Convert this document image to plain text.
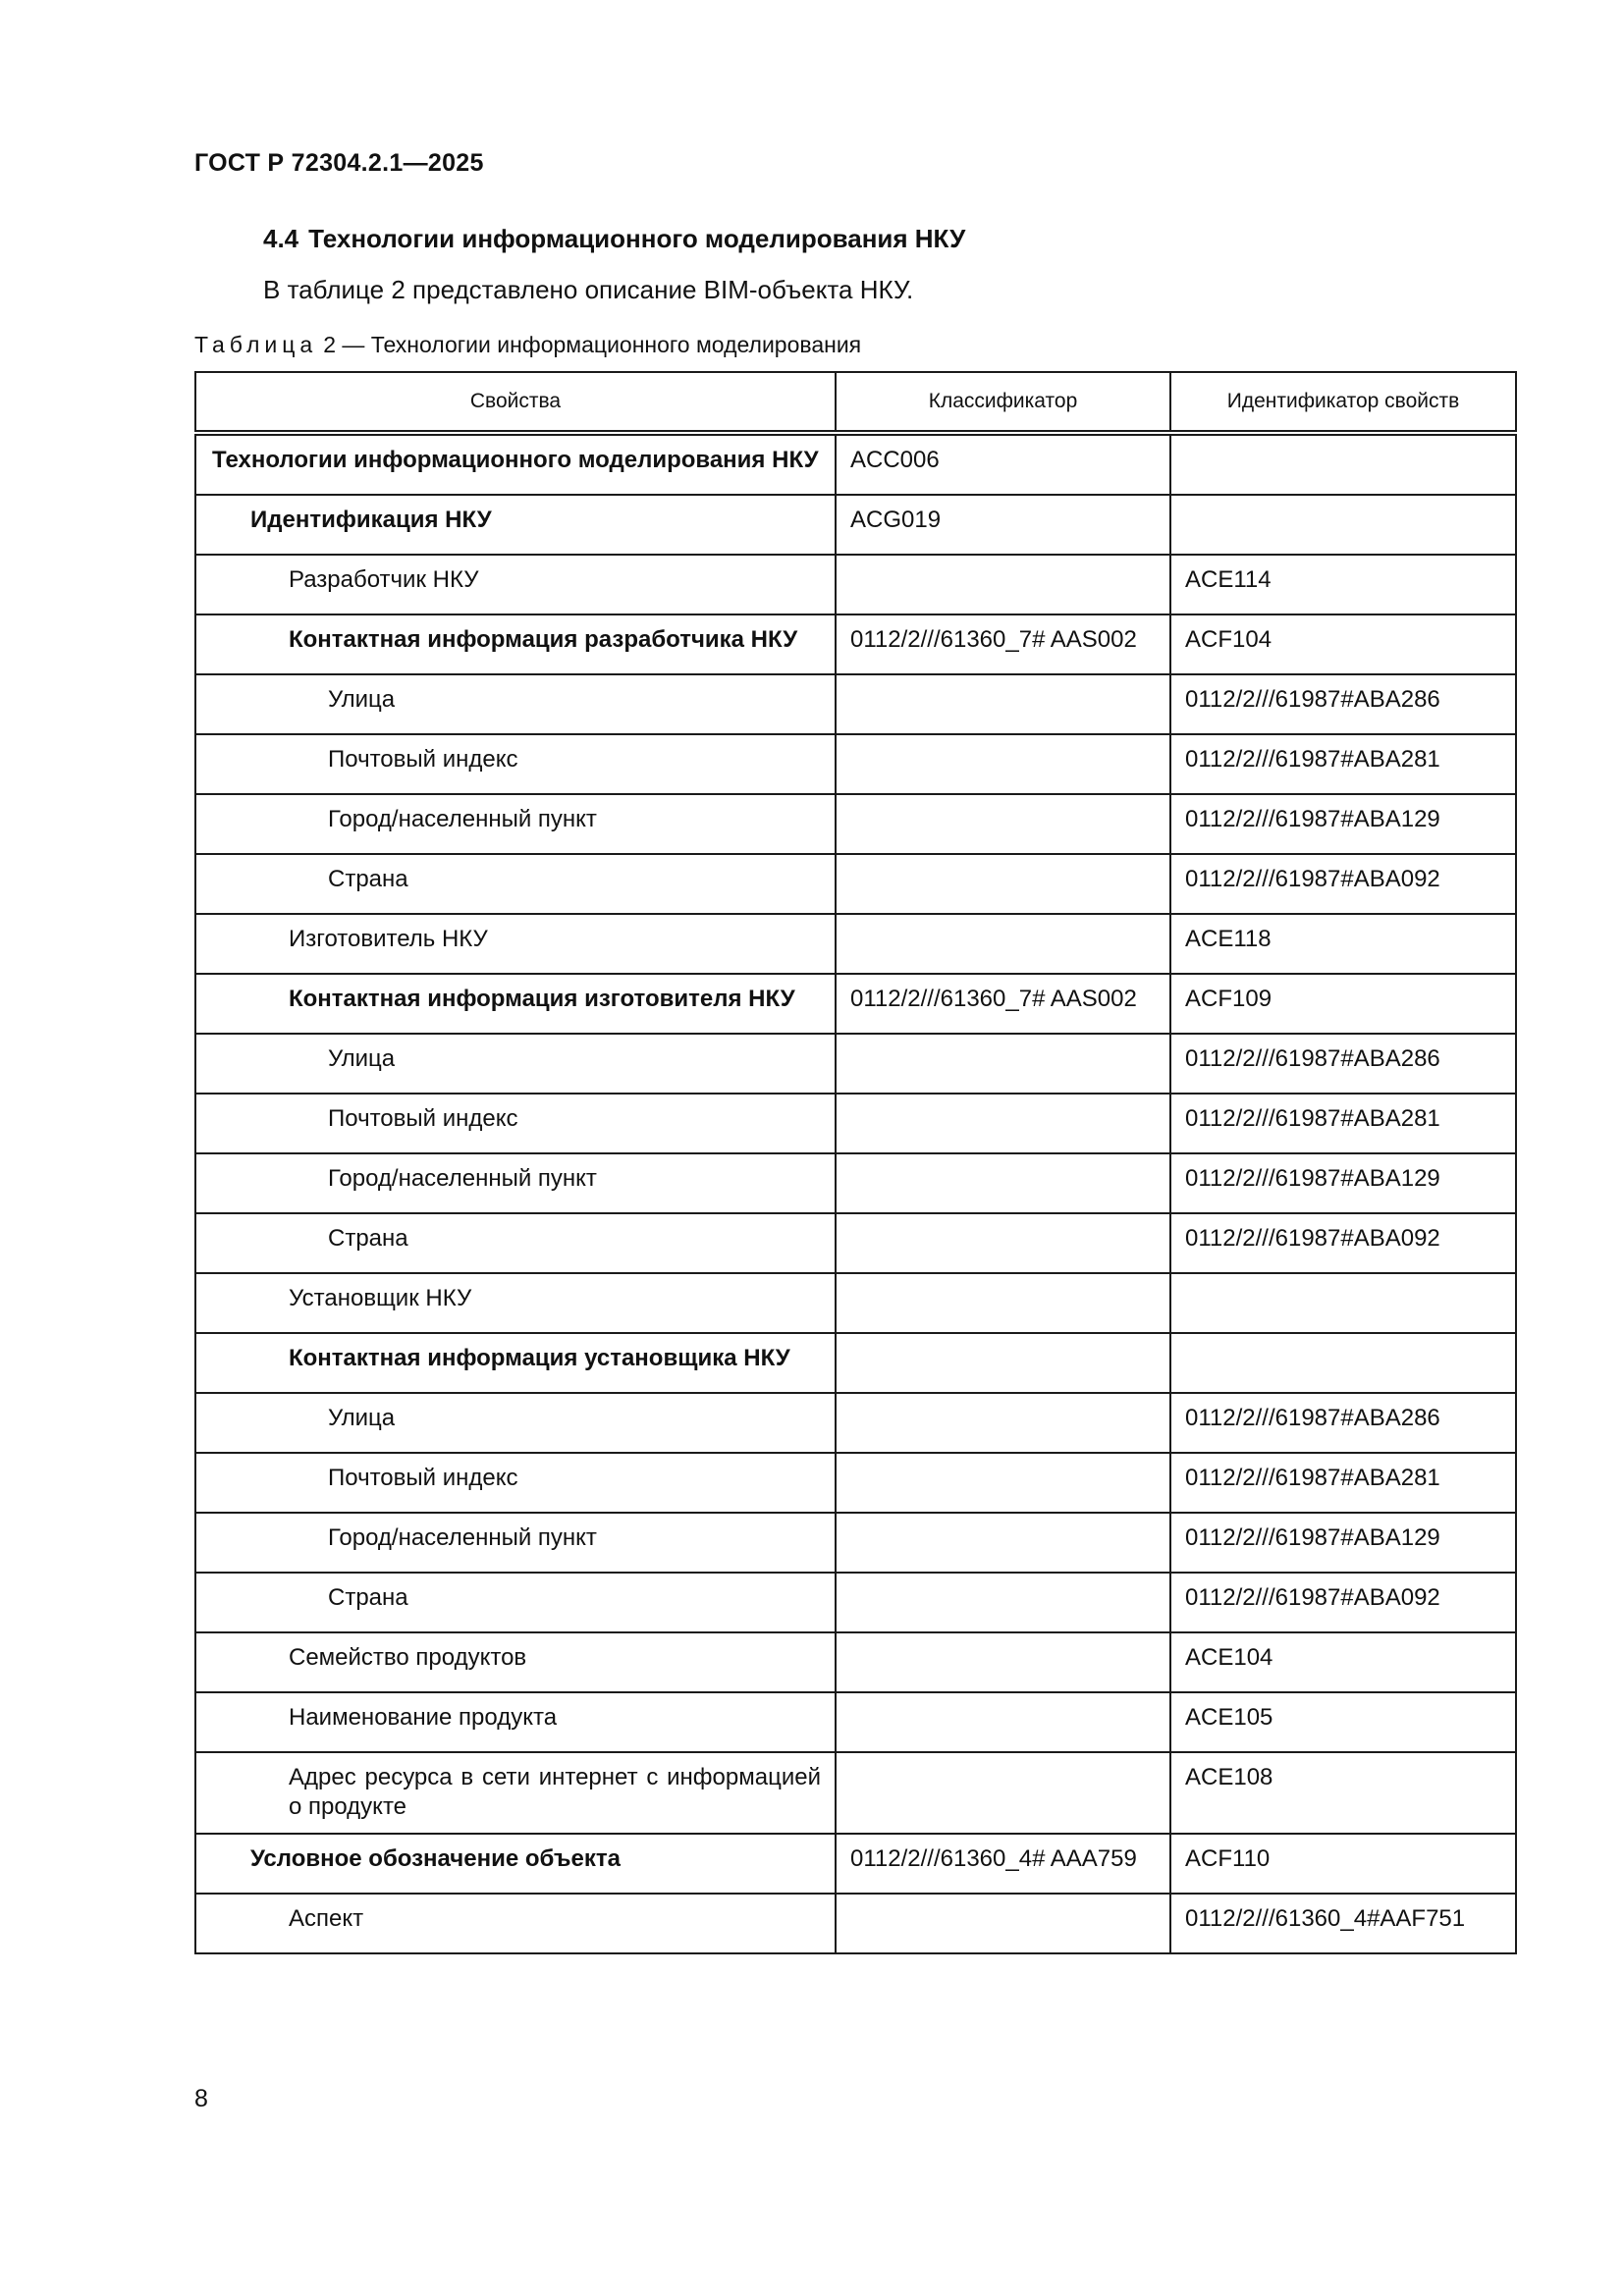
ГОСТ Р 72304.2.1—2025

4.4 Технологии информационного моделирования НКУ

В таблице 2 представлено описание BIM-объекта НКУ.

Таблица 2 — Технологии информационного моделирования

Свойства	Классификатор	Идентификатор свойств
Технологии информационного моделирования НКУ	ACC006	
Идентификация НКУ	ACG019	
Разработчик НКУ		ACE114
Контактная информация разработчика НКУ	0112/2///61360_7# AAS002	ACF104
Улица		0112/2///61987#ABA286
Почтовый индекс		0112/2///61987#ABA281
Город/населенный пункт		0112/2///61987#ABA129
Страна		0112/2///61987#ABA092
Изготовитель НКУ		ACE118
Контактная информация изготовителя НКУ	0112/2///61360_7# AAS002	ACF109
Улица		0112/2///61987#ABA286
Почтовый индекс		0112/2///61987#ABA281
Город/населенный пункт		0112/2///61987#ABA129
Страна		0112/2///61987#ABA092
Установщик НКУ		
Контактная информация установщика НКУ		
Улица		0112/2///61987#ABA286
Почтовый индекс		0112/2///61987#ABA281
Город/населенный пункт		0112/2///61987#ABA129
Страна		0112/2///61987#ABA092
Семейство продуктов		ACE104
Наименование продукта		ACE105
Адрес ресурса в сети интернет с информацией о продукте		ACE108
Условное обозначение объекта	0112/2///61360_4# AAA759	ACF110
Аспект		0112/2///61360_4#AAF751

8
